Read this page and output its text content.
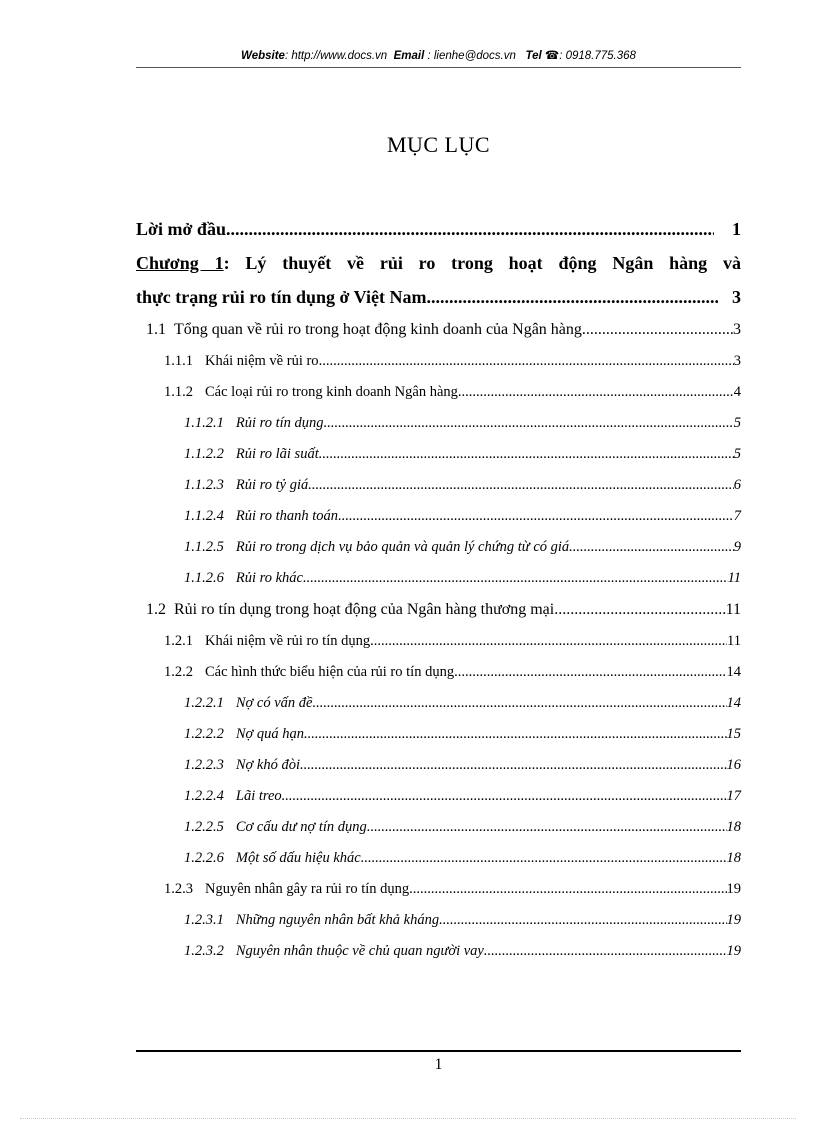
Website: http://www.docs.vn Email : lienhe@docs.vn Tel ☎: 0918.775.368
MỤC LỤC
Lời mở đầu .....	1
Chương 1: Lý thuyết về rủi ro trong hoạt động Ngân hàng và
thực trạng rủi ro tín dụng ở Việt Nam .....	3
1.1 Tổng quan về rủi ro trong hoạt động kinh doanh của Ngân hàng .....	3
1.1.1 Khái niệm về rủi ro .....	3
1.1.2 Các loại rủi ro trong kinh doanh Ngân hàng .....	4
1.1.2.1 Rủi ro tín dụng .....	5
1.1.2.2 Rủi ro lãi suất .....	5
1.1.2.3 Rủi ro tỷ giá .....	6
1.1.2.4 Rủi ro thanh toán .....	7
1.1.2.5 Rủi ro trong dịch vụ bảo quản và quản lý chứng từ có giá .....	9
1.1.2.6 Rủi ro khác .....	11
1.2 Rủi ro tín dụng trong hoạt động của Ngân hàng thương mại .....	11
1.2.1 Khái niệm về rủi ro tín dụng .....	11
1.2.2 Các hình thức biểu hiện của rủi ro tín dụng .....	14
1.2.2.1 Nợ có vấn đề .....	14
1.2.2.2 Nợ quá hạn .....	15
1.2.2.3 Nợ khó đòi .....	16
1.2.2.4 Lãi treo .....	17
1.2.2.5 Cơ cấu dư nợ tín dụng .....	18
1.2.2.6 Một số dấu hiệu khác .....	18
1.2.3 Nguyên nhân gây ra rủi ro tín dụng .....	19
1.2.3.1 Những nguyên nhân bất khả kháng .....	19
1.2.3.2 Nguyên nhân thuộc về chủ quan người vay .....	19
1
